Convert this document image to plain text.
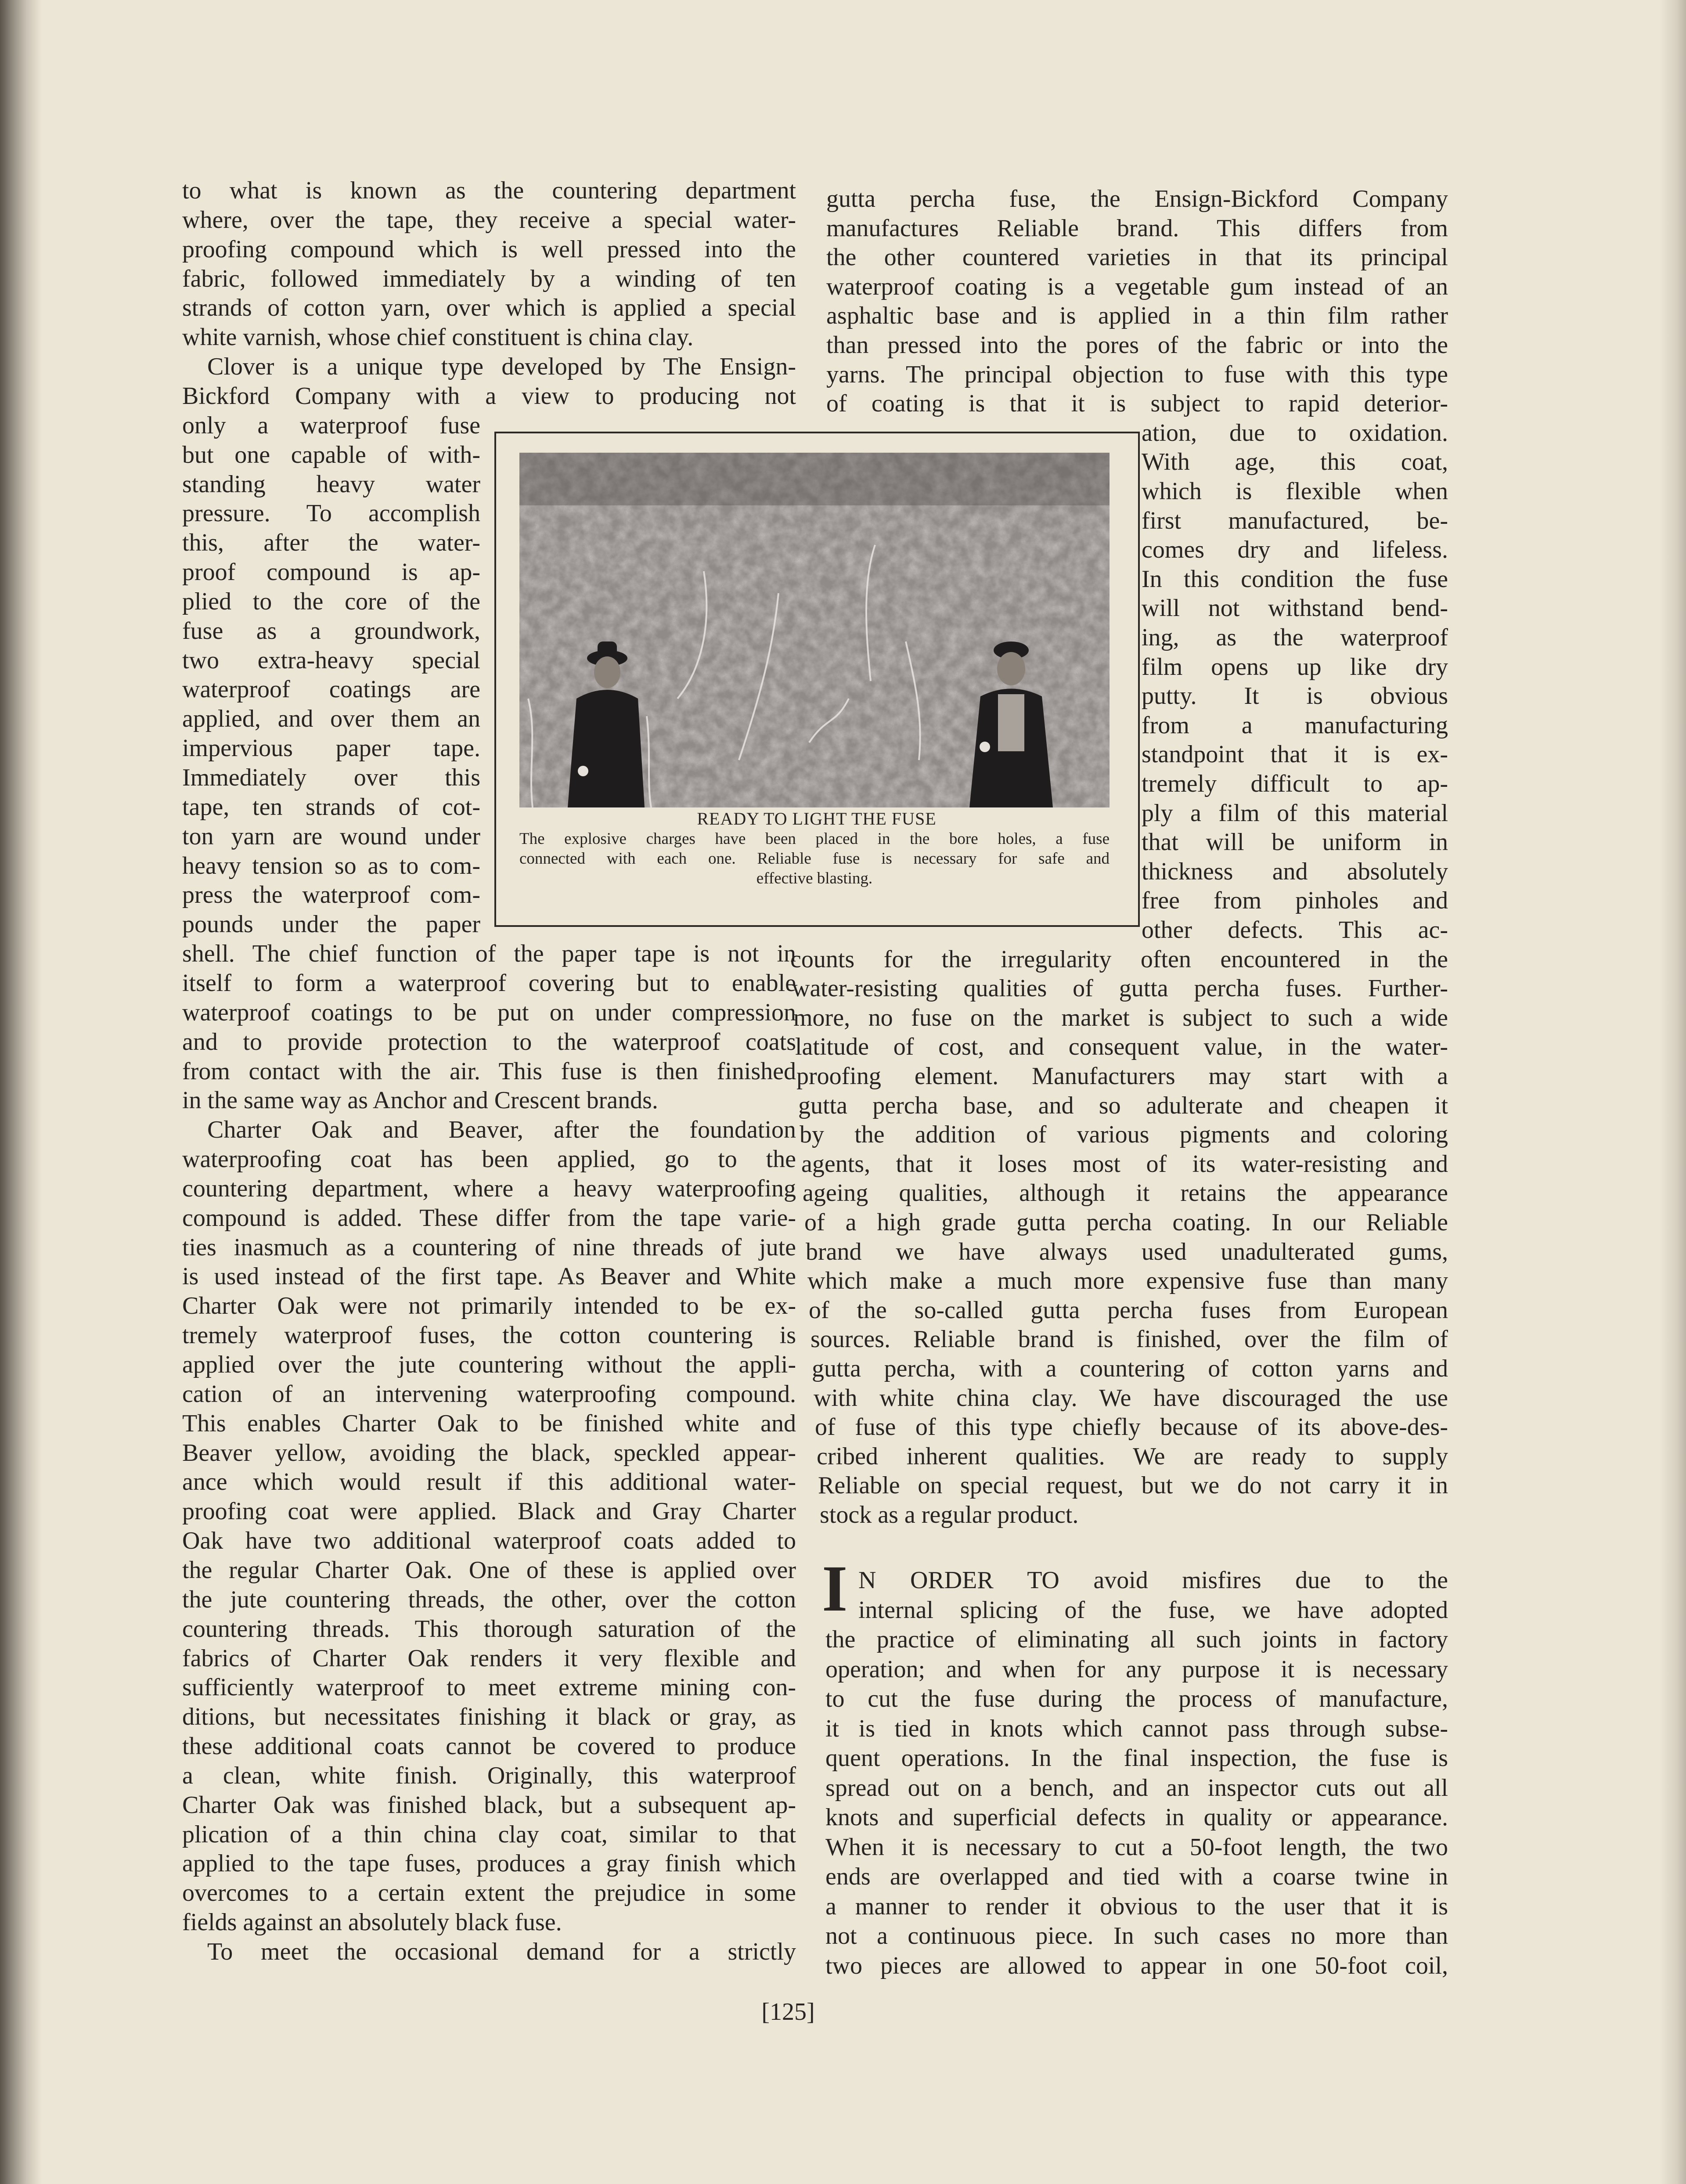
to what is known as the countering department
where, over the tape, they receive a special water-
proofing compound which is well pressed into the
fabric, followed immediately by a winding of ten
strands of cotton yarn, over which is applied a special
white varnish, whose chief constituent is china clay.
Clover is a unique type developed by The Ensign-
Bickford Company with a view to producing not
only a waterproof fuse
but one capable of with-
standing heavy water
pressure. To accomplish
this, after the water-
proof compound is ap-
plied to the core of the
fuse as a groundwork,
two extra-heavy special
waterproof coatings are
applied, and over them an
impervious paper tape.
Immediately over this
tape, ten strands of cot-
ton yarn are wound under
heavy tension so as to com-
press the waterproof com-
pounds under the paper
shell. The chief function of the paper tape is not in
itself to form a waterproof covering but to enable
waterproof coatings to be put on under compression
and to provide protection to the waterproof coats
from contact with the air. This fuse is then finished
in the same way as Anchor and Crescent brands.
Charter Oak and Beaver, after the foundation
waterproofing coat has been applied, go to the
countering department, where a heavy waterproofing
compound is added. These differ from the tape varie-
ties inasmuch as a countering of nine threads of jute
is used instead of the first tape. As Beaver and White
Charter Oak were not primarily intended to be ex-
tremely waterproof fuses, the cotton countering is
applied over the jute countering without the appli-
cation of an intervening waterproofing compound.
This enables Charter Oak to be finished white and
Beaver yellow, avoiding the black, speckled appear-
ance which would result if this additional water-
proofing coat were applied. Black and Gray Charter
Oak have two additional waterproof coats added to
the regular Charter Oak. One of these is applied over
the jute countering threads, the other, over the cotton
countering threads. This thorough saturation of the
fabrics of Charter Oak renders it very flexible and
sufficiently waterproof to meet extreme mining con-
ditions, but necessitates finishing it black or gray, as
these additional coats cannot be covered to produce
a clean, white finish. Originally, this waterproof
Charter Oak was finished black, but a subsequent ap-
plication of a thin china clay coat, similar to that
applied to the tape fuses, produces a gray finish which
overcomes to a certain extent the prejudice in some
fields against an absolutely black fuse.
To meet the occasional demand for a strictly
gutta percha fuse, the Ensign-Bickford Company
manufactures Reliable brand. This differs from
the other countered varieties in that its principal
waterproof coating is a vegetable gum instead of an
asphaltic base and is applied in a thin film rather
than pressed into the pores of the fabric or into the
yarns. The principal objection to fuse with this type
of coating is that it is subject to rapid deterior-
ation, due to oxidation.
With age, this coat,
which is flexible when
first manufactured, be-
comes dry and lifeless.
In this condition the fuse
will not withstand bend-
ing, as the waterproof
film opens up like dry
putty. It is obvious
from a manufacturing
standpoint that it is ex-
tremely difficult to ap-
ply a film of this material
that will be uniform in
thickness and absolutely
free from pinholes and
other defects. This ac-
counts for the irregularity often encountered in the
water-resisting qualities of gutta percha fuses. Further-
more, no fuse on the market is subject to such a wide
latitude of cost, and consequent value, in the water-
proofing element. Manufacturers may start with a
gutta percha base, and so adulterate and cheapen it
by the addition of various pigments and coloring
agents, that it loses most of its water-resisting and
ageing qualities, although it retains the appearance
of a high grade gutta percha coating. In our Reliable
brand we have always used unadulterated gums,
which make a much more expensive fuse than many
of the so-called gutta percha fuses from European
sources. Reliable brand is finished, over the film of
gutta percha, with a countering of cotton yarns and
with white china clay. We have discouraged the use
of fuse of this type chiefly because of its above-des-
cribed inherent qualities. We are ready to supply
Reliable on special request, but we do not carry it in
stock as a regular product.
N ORDER TO avoid misfires due to the
internal splicing of the fuse, we have adopted
the practice of eliminating all such joints in factory
operation; and when for any purpose it is necessary
to cut the fuse during the process of manufacture,
it is tied in knots which cannot pass through subse-
quent operations. In the final inspection, the fuse is
spread out on a bench, and an inspector cuts out all
knots and superficial defects in quality or appearance.
When it is necessary to cut a 50-foot length, the two
ends are overlapped and tied with a coarse twine in
a manner to render it obvious to the user that it is
not a continuous piece. In such cases no more than
two pieces are allowed to appear in one 50-foot coil,
I
READY TO LIGHT THE FUSE
The explosive charges have been placed in the bore holes, a fuse
connected with each one. Reliable fuse is necessary for safe and
effective blasting.
[125]
